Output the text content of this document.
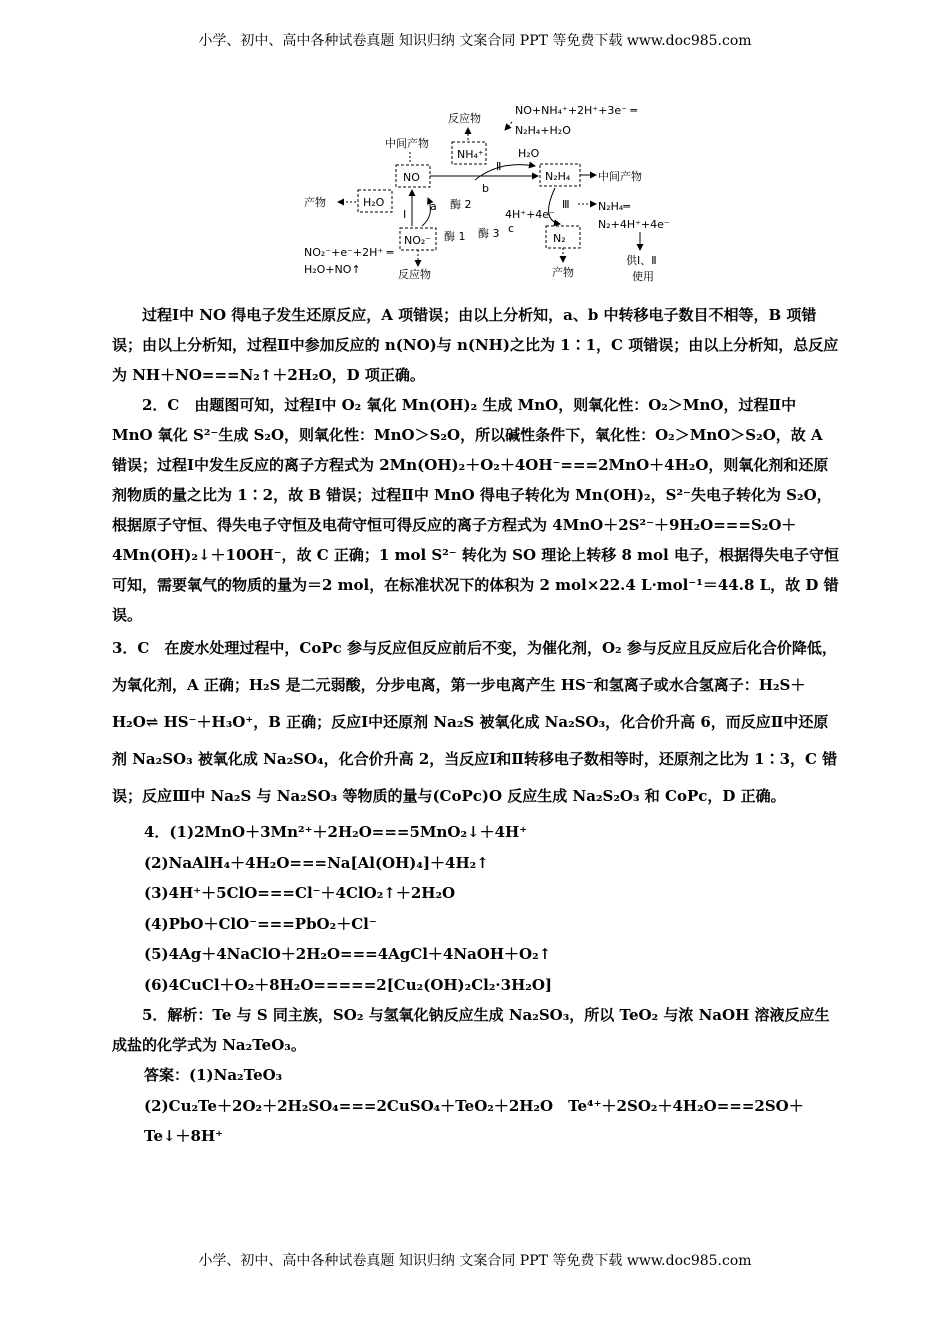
小学、初中、高中各种试卷真题 知识归纳 文案合同 PPT 等免费下载 www.doc985.com
中间产物
反应物
NO+NH₄⁺+2H⁺+3e⁻ ═
N₂H₄+H₂O
NH₄⁺
Ⅱ
H₂O
NO	N₂H₄	中间产物
b
产物	H₂O	a 酶 2
Ⅰ
NO₂⁻ 酶 1
NO₂⁻+e⁻+2H⁺ ═
H₂O+NO↑	反应物
4H⁺+4e⁻
c
酶 3
Ⅲ	N₂H₄═
N₂+4H⁺+4e⁻
供Ⅰ、Ⅱ
使用
N₂
产物

过程Ⅰ中 NO 得电子发生还原反应，A 项错误；由以上分析知，a、b 中转移电子数目不相等，B 项错误；由以上分析知，过程Ⅱ中参加反应的 n(NO)与 n(NH)之比为 1∶1，C 项错误；由以上分析知，总反应为 NH＋NO===N₂↑＋2H₂O，D 项正确。

2．C　由题图可知，过程Ⅰ中 O₂ 氧化 Mn(OH)₂ 生成 MnO，则氧化性：O₂＞MnO，过程Ⅱ中 MnO 氧化 S²⁻生成 S₂O，则氧化性：MnO＞S₂O，所以碱性条件下，氧化性：O₂＞MnO＞S₂O，故 A 错误；过程Ⅰ中发生反应的离子方程式为 2Mn(OH)₂＋O₂＋4OH⁻===2MnO＋4H₂O，则氧化剂和还原剂物质的量之比为 1∶2，故 B 错误；过程Ⅱ中 MnO 得电子转化为 Mn(OH)₂，S²⁻失电子转化为 S₂O，根据原子守恒、得失电子守恒及电荷守恒可得反应的离子方程式为 4MnO＋2S²⁻＋9H₂O===S₂O＋4Mn(OH)₂↓＋10OH⁻，故 C 正确；1 mol S²⁻ 转化为 SO 理论上转移 8 mol 电子，根据得失电子守恒可知，需要氧气的物质的量为＝2 mol，在标准状况下的体积为 2 mol×22.4 L·mol⁻¹＝44.8 L，故 D 错误。

3．C　在废水处理过程中，CoPc 参与反应但反应前后不变，为催化剂，O₂ 参与反应且反应后化合价降低，为氧化剂，A 正确；H₂S 是二元弱酸，分步电离，第一步电离产生 HS⁻和氢离子或水合氢离子：H₂S＋H₂O⇌ HS⁻＋H₃O⁺，B 正确；反应Ⅰ中还原剂 Na₂S 被氧化成 Na₂SO₃，化合价升高 6，而反应Ⅱ中还原剂 Na₂SO₃ 被氧化成 Na₂SO₄，化合价升高 2，当反应Ⅰ和Ⅱ转移电子数相等时，还原剂之比为 1∶3，C 错误；反应Ⅲ中 Na₂S 与 Na₂SO₃ 等物质的量与(CoPc)O 反应生成 Na₂S₂O₃ 和 CoPc，D 正确。

4．(1)2MnO＋3Mn²⁺＋2H₂O===5MnO₂↓＋4H⁺

(2)NaAlH₄＋4H₂O===Na[Al(OH)₄]＋4H₂↑

(3)4H⁺＋5ClO===Cl⁻＋4ClO₂↑＋2H₂O

(4)PbO＋ClO⁻===PbO₂＋Cl⁻

(5)4Ag＋4NaClO＋2H₂O===4AgCl＋4NaOH＋O₂↑

(6)4CuCl＋O₂＋8H₂O=====2[Cu₂(OH)₂Cl₂·3H₂O]

5．解析：Te 与 S 同主族，SO₂ 与氢氧化钠反应生成 Na₂SO₃，所以 TeO₂ 与浓 NaOH 溶液反应生成盐的化学式为 Na₂TeO₃。

答案：(1)Na₂TeO₃

(2)Cu₂Te＋2O₂＋2H₂SO₄===2CuSO₄＋TeO₂＋2H₂O　Te⁴⁺＋2SO₂＋4H₂O===2SO＋ Te↓＋8H⁺

小学、初中、高中各种试卷真题 知识归纳 文案合同 PPT 等免费下载 www.doc985.com
